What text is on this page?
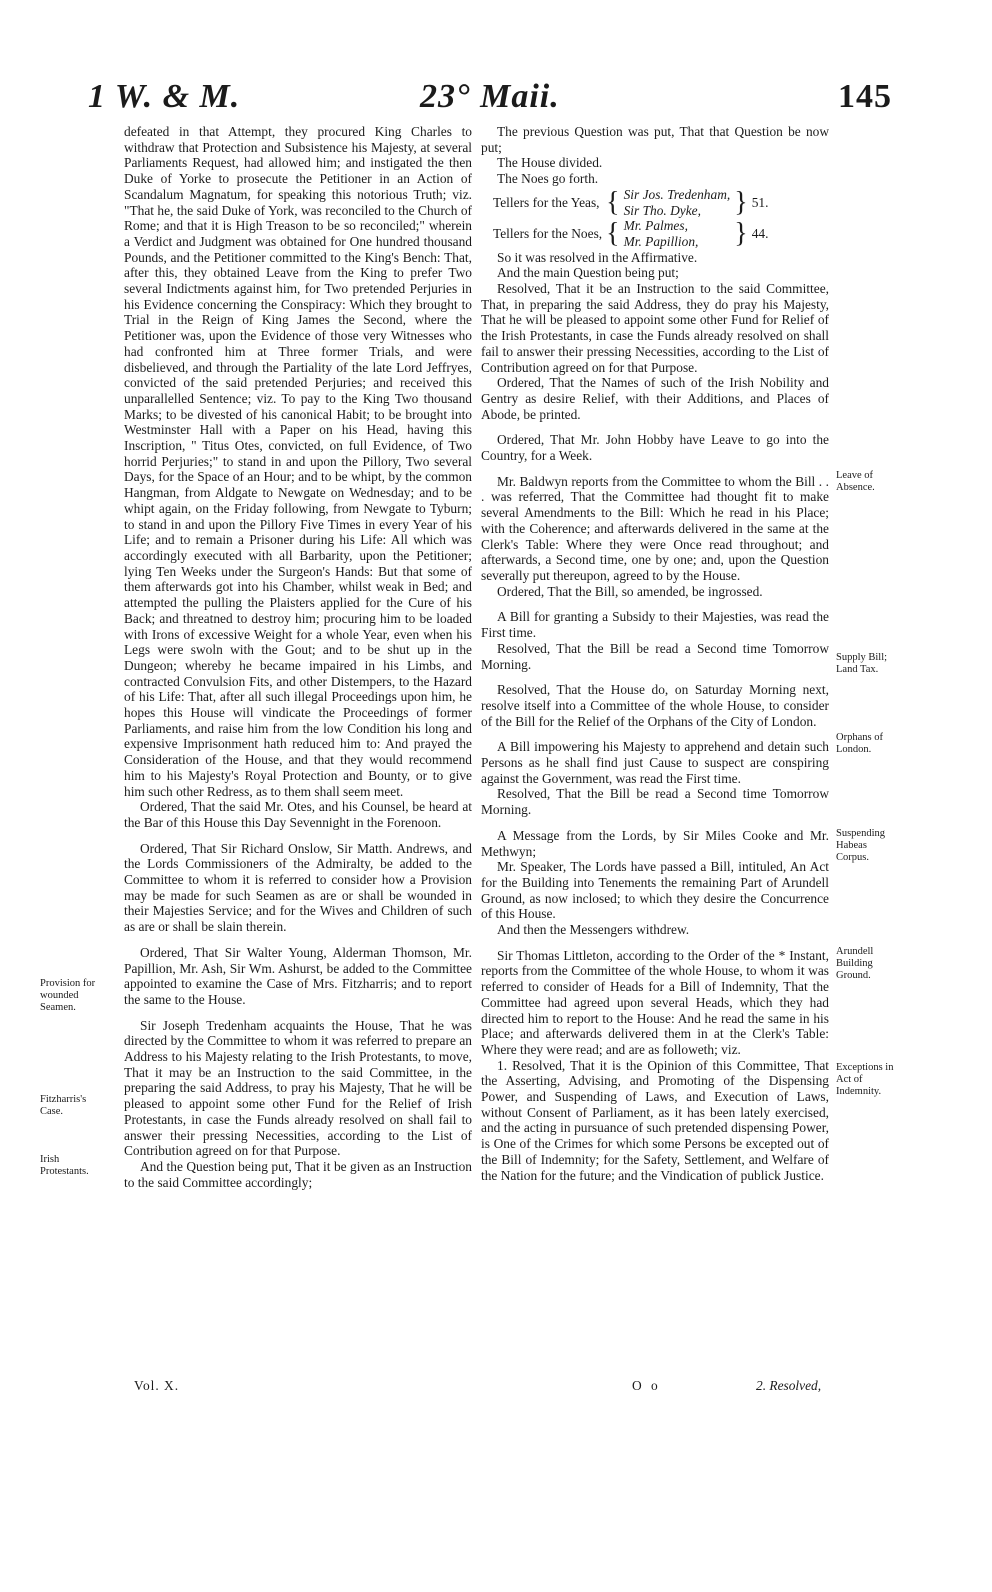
1 W. & M.	23° Maii.	145

defeated in that Attempt, they procured King Charles to withdraw that Protection and Subsistence his Majesty, at several Parliaments Request, had allowed him; and instigated the then Duke of Yorke to prosecute the Petitioner in an Action of Scandalum Magnatum, for speaking this notorious Truth; viz. "That he, the said Duke of York, was reconciled to the Church of Rome; and that it is High Treason to be so reconciled;" wherein a Verdict and Judgment was obtained for One hundred thousand Pounds, and the Petitioner committed to the King's Bench: That, after this, they obtained Leave from the King to prefer Two several Indictments against him, for Two pretended Perjuries in his Evidence concerning the Conspiracy: Which they brought to Trial in the Reign of King James the Second, where the Petitioner was, upon the Evidence of those very Witnesses who had confronted him at Three former Trials, and were disbelieved, and through the Partiality of the late Lord Jeffryes, convicted of the said pretended Perjuries; and received this unparallelled Sentence; viz. To pay to the King Two thousand Marks; to be divested of his canonical Habit; to be brought into Westminster Hall with a Paper on his Head, having this Inscription, " Titus Otes, convicted, on full Evidence, of Two horrid Perjuries;" to stand in and upon the Pillory, Two several Days, for the Space of an Hour; and to be whipt, by the common Hangman, from Aldgate to Newgate on Wednesday; and to be whipt again, on the Friday following, from Newgate to Tyburn; to stand in and upon the Pillory Five Times in every Year of his Life; and to remain a Prisoner during his Life: All which was accordingly executed with all Barbarity, upon the Petitioner; lying Ten Weeks under the Surgeon's Hands: But that some of them afterwards got into his Chamber, whilst weak in Bed; and attempted the pulling the Plaisters applied for the Cure of his Back; and threatned to destroy him; procuring him to be loaded with Irons of excessive Weight for a whole Year, even when his Legs were swoln with the Gout; and to be shut up in the Dungeon; whereby he became impaired in his Limbs, and contracted Convulsion Fits, and other Distempers, to the Hazard of his Life: That, after all such illegal Proceedings upon him, he hopes this House will vindicate the Proceedings of former Parliaments, and raise him from the low Condition his long and expensive Imprisonment hath reduced him to: And prayed the Consideration of the House, and that they would recommend him to his Majesty's Royal Protection and Bounty, or to give him such other Redress, as to them shall seem meet.

Ordered, That the said Mr. Otes, and his Counsel, be heard at the Bar of this House this Day Sevennight in the Forenoon.

Ordered, That Sir Richard Onslow, Sir Matth. Andrews, and the Lords Commissioners of the Admiralty, be added to the Committee to whom it is referred to consider how a Provision may be made for such Seamen as are or shall be wounded in their Majesties Service; and for the Wives and Children of such as are or shall be slain therein.

Ordered, That Sir Walter Young, Alderman Thomson, Mr. Papillion, Mr. Ash, Sir Wm. Ashurst, be added to the Committee appointed to examine the Case of Mrs. Fitzharris; and to report the same to the House.

Sir Joseph Tredenham acquaints the House, That he was directed by the Committee to whom it was referred to prepare an Address to his Majesty relating to the Irish Protestants, to move, That it may be an Instruction to the said Committee, in the preparing the said Address, to pray his Majesty, That he will be pleased to appoint some other Fund for the Relief of Irish Protestants, in case the Funds already resolved on shall fail to answer their pressing Necessities, according to the List of Contribution agreed on for that Purpose.

And the Question being put, That it be given as an Instruction to the said Committee accordingly;

The previous Question was put, That that Question be now put;

The House divided.

The Noes go forth.

Tellers for the Yeas,	{	Sir Jos. Tredenham,	}	51.
		Sir Tho. Dyke,		
Tellers for the Noes,	{	Mr. Palmes,	}	44.
		Mr. Papillion,		

So it was resolved in the Affirmative.

And the main Question being put;

Resolved, That it be an Instruction to the said Committee, That, in preparing the said Address, they do pray his Majesty, That he will be pleased to appoint some other Fund for Relief of the Irish Protestants, in case the Funds already resolved on shall fail to answer their pressing Necessities, according to the List of Contribution agreed on for that Purpose.

Ordered, That the Names of such of the Irish Nobility and Gentry as desire Relief, with their Additions, and Places of Abode, be printed.

Ordered, That Mr. John Hobby have Leave to go into the Country, for a Week.

Mr. Baldwyn reports from the Committee to whom the Bill . . . was referred, That the Committee had thought fit to make several Amendments to the Bill: Which he read in his Place; with the Coherence; and afterwards delivered in the same at the Clerk's Table: Where they were Once read throughout; and afterwards, a Second time, one by one; and, upon the Question severally put thereupon, agreed to by the House.

Ordered, That the Bill, so amended, be ingrossed.

A Bill for granting a Subsidy to their Majesties, was read the First time.

Resolved, That the Bill be read a Second time Tomorrow Morning.

Resolved, That the House do, on Saturday Morning next, resolve itself into a Committee of the whole House, to consider of the Bill for the Relief of the Orphans of the City of London.

A Bill impowering his Majesty to apprehend and detain such Persons as he shall find just Cause to suspect are conspiring against the Government, was read the First time.

Resolved, That the Bill be read a Second time Tomorrow Morning.

A Message from the Lords, by Sir Miles Cooke and Mr. Methwyn;

Mr. Speaker, The Lords have passed a Bill, intituled, An Act for the Building into Tenements the remaining Part of Arundell Ground, as now inclosed; to which they desire the Concurrence of this House.

And then the Messengers withdrew.

Sir Thomas Littleton, according to the Order of the * Instant, reports from the Committee of the whole House, to whom it was referred to consider of Heads for a Bill of Indemnity, That the Committee had agreed upon several Heads, which they had directed him to report to the House: And he read the same in his Place; and afterwards delivered them in at the Clerk's Table: Where they were read; and are as followeth; viz.

1. Resolved, That it is the Opinion of this Committee, That the Asserting, Advising, and Promoting of the Dispensing Power, and Suspending of Laws, and Execution of Laws, without Consent of Parliament, as it has been lately exercised, and the acting in pursuance of such pretended dispensing Power, is One of the Crimes for which some Persons be excepted out of the Bill of Indemnity; for the Safety, Settlement, and Welfare of the Nation for the future; and the Vindication of publick Justice.

Provision for wounded Seamen.
Fitzharris's Case.
Irish Protestants.
Leave of Absence.
Supply Bill; Land Tax.
Orphans of London.
Suspending Habeas Corpus.
Arundell Building Ground.
Exceptions in Act of Indemnity.
Vol. X.	O o	2. Resolved,
